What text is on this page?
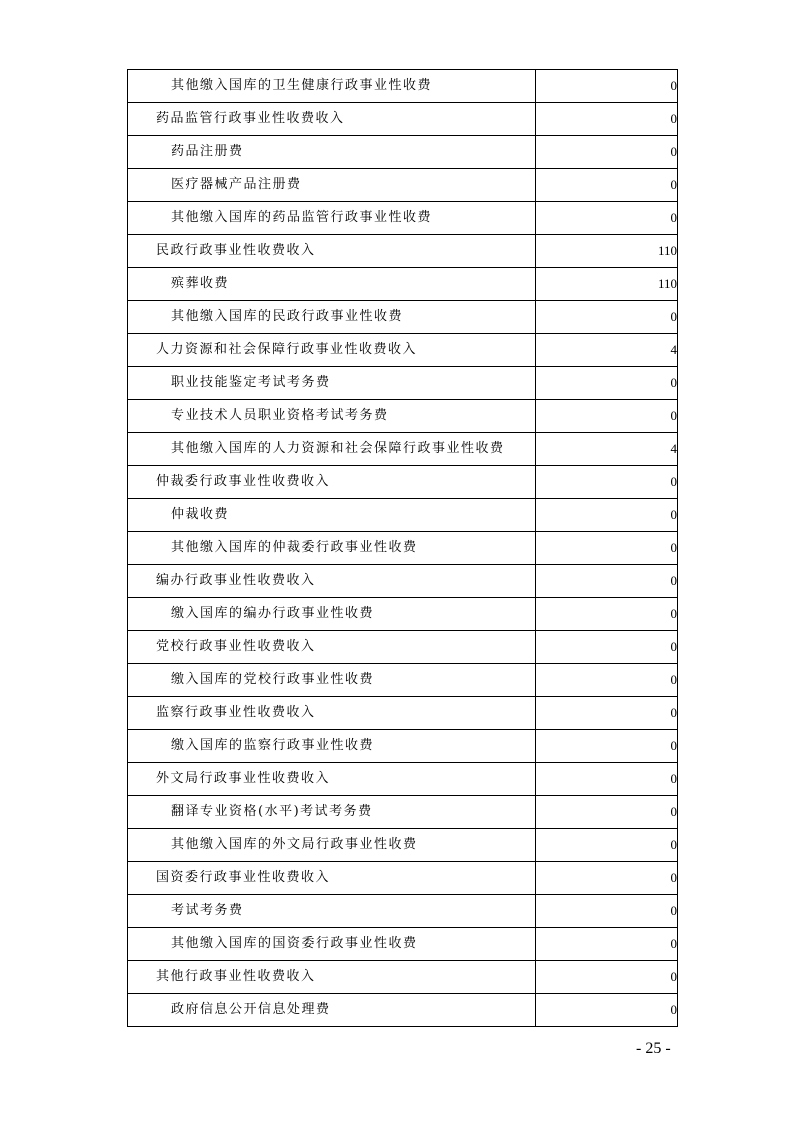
其他缴入国库的卫生健康行政事业性收费	0
药品监管行政事业性收费收入	0
药品注册费	0
医疗器械产品注册费	0
其他缴入国库的药品监管行政事业性收费	0
民政行政事业性收费收入	110
殡葬收费	110
其他缴入国库的民政行政事业性收费	0
人力资源和社会保障行政事业性收费收入	4
职业技能鉴定考试考务费	0
专业技术人员职业资格考试考务费	0
其他缴入国库的人力资源和社会保障行政事业性收费	4
仲裁委行政事业性收费收入	0
仲裁收费	0
其他缴入国库的仲裁委行政事业性收费	0
编办行政事业性收费收入	0
缴入国库的编办行政事业性收费	0
党校行政事业性收费收入	0
缴入国库的党校行政事业性收费	0
监察行政事业性收费收入	0
缴入国库的监察行政事业性收费	0
外文局行政事业性收费收入	0
翻译专业资格(水平)考试考务费	0
其他缴入国库的外文局行政事业性收费	0
国资委行政事业性收费收入	0
考试考务费	0
其他缴入国库的国资委行政事业性收费	0
其他行政事业性收费收入	0
政府信息公开信息处理费	0
- 25 -
